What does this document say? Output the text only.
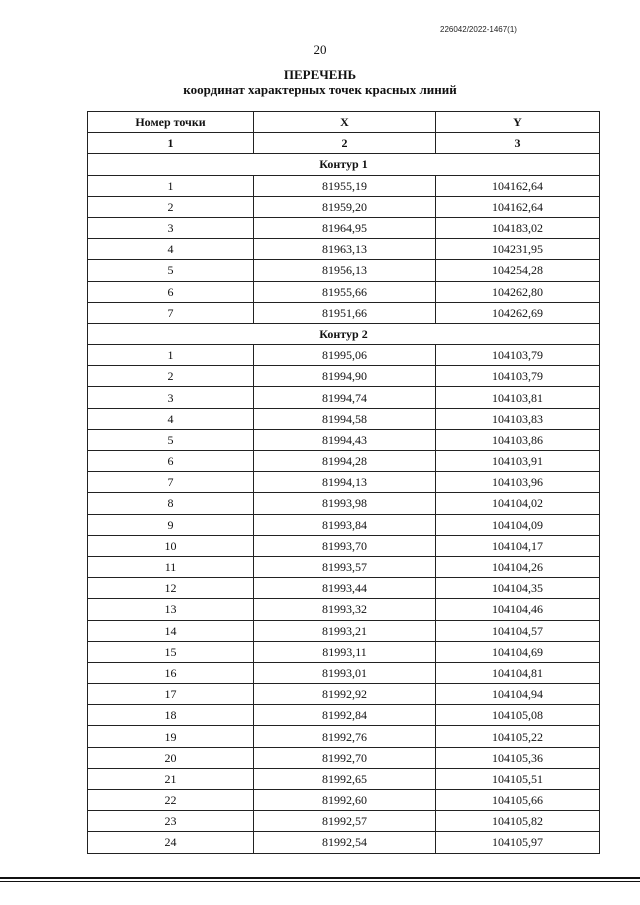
226042/2022-1467(1)
20
ПЕРЕЧЕНЬ
координат характерных точек красных линий
Номер точки	X	Y
1	2	3
Контур 1		
1	81955,19	104162,64
2	81959,20	104162,64
3	81964,95	104183,02
4	81963,13	104231,95
5	81956,13	104254,28
6	81955,66	104262,80
7	81951,66	104262,69
Контур 2		
1	81995,06	104103,79
2	81994,90	104103,79
3	81994,74	104103,81
4	81994,58	104103,83
5	81994,43	104103,86
6	81994,28	104103,91
7	81994,13	104103,96
8	81993,98	104104,02
9	81993,84	104104,09
10	81993,70	104104,17
11	81993,57	104104,26
12	81993,44	104104,35
13	81993,32	104104,46
14	81993,21	104104,57
15	81993,11	104104,69
16	81993,01	104104,81
17	81992,92	104104,94
18	81992,84	104105,08
19	81992,76	104105,22
20	81992,70	104105,36
21	81992,65	104105,51
22	81992,60	104105,66
23	81992,57	104105,82
24	81992,54	104105,97
